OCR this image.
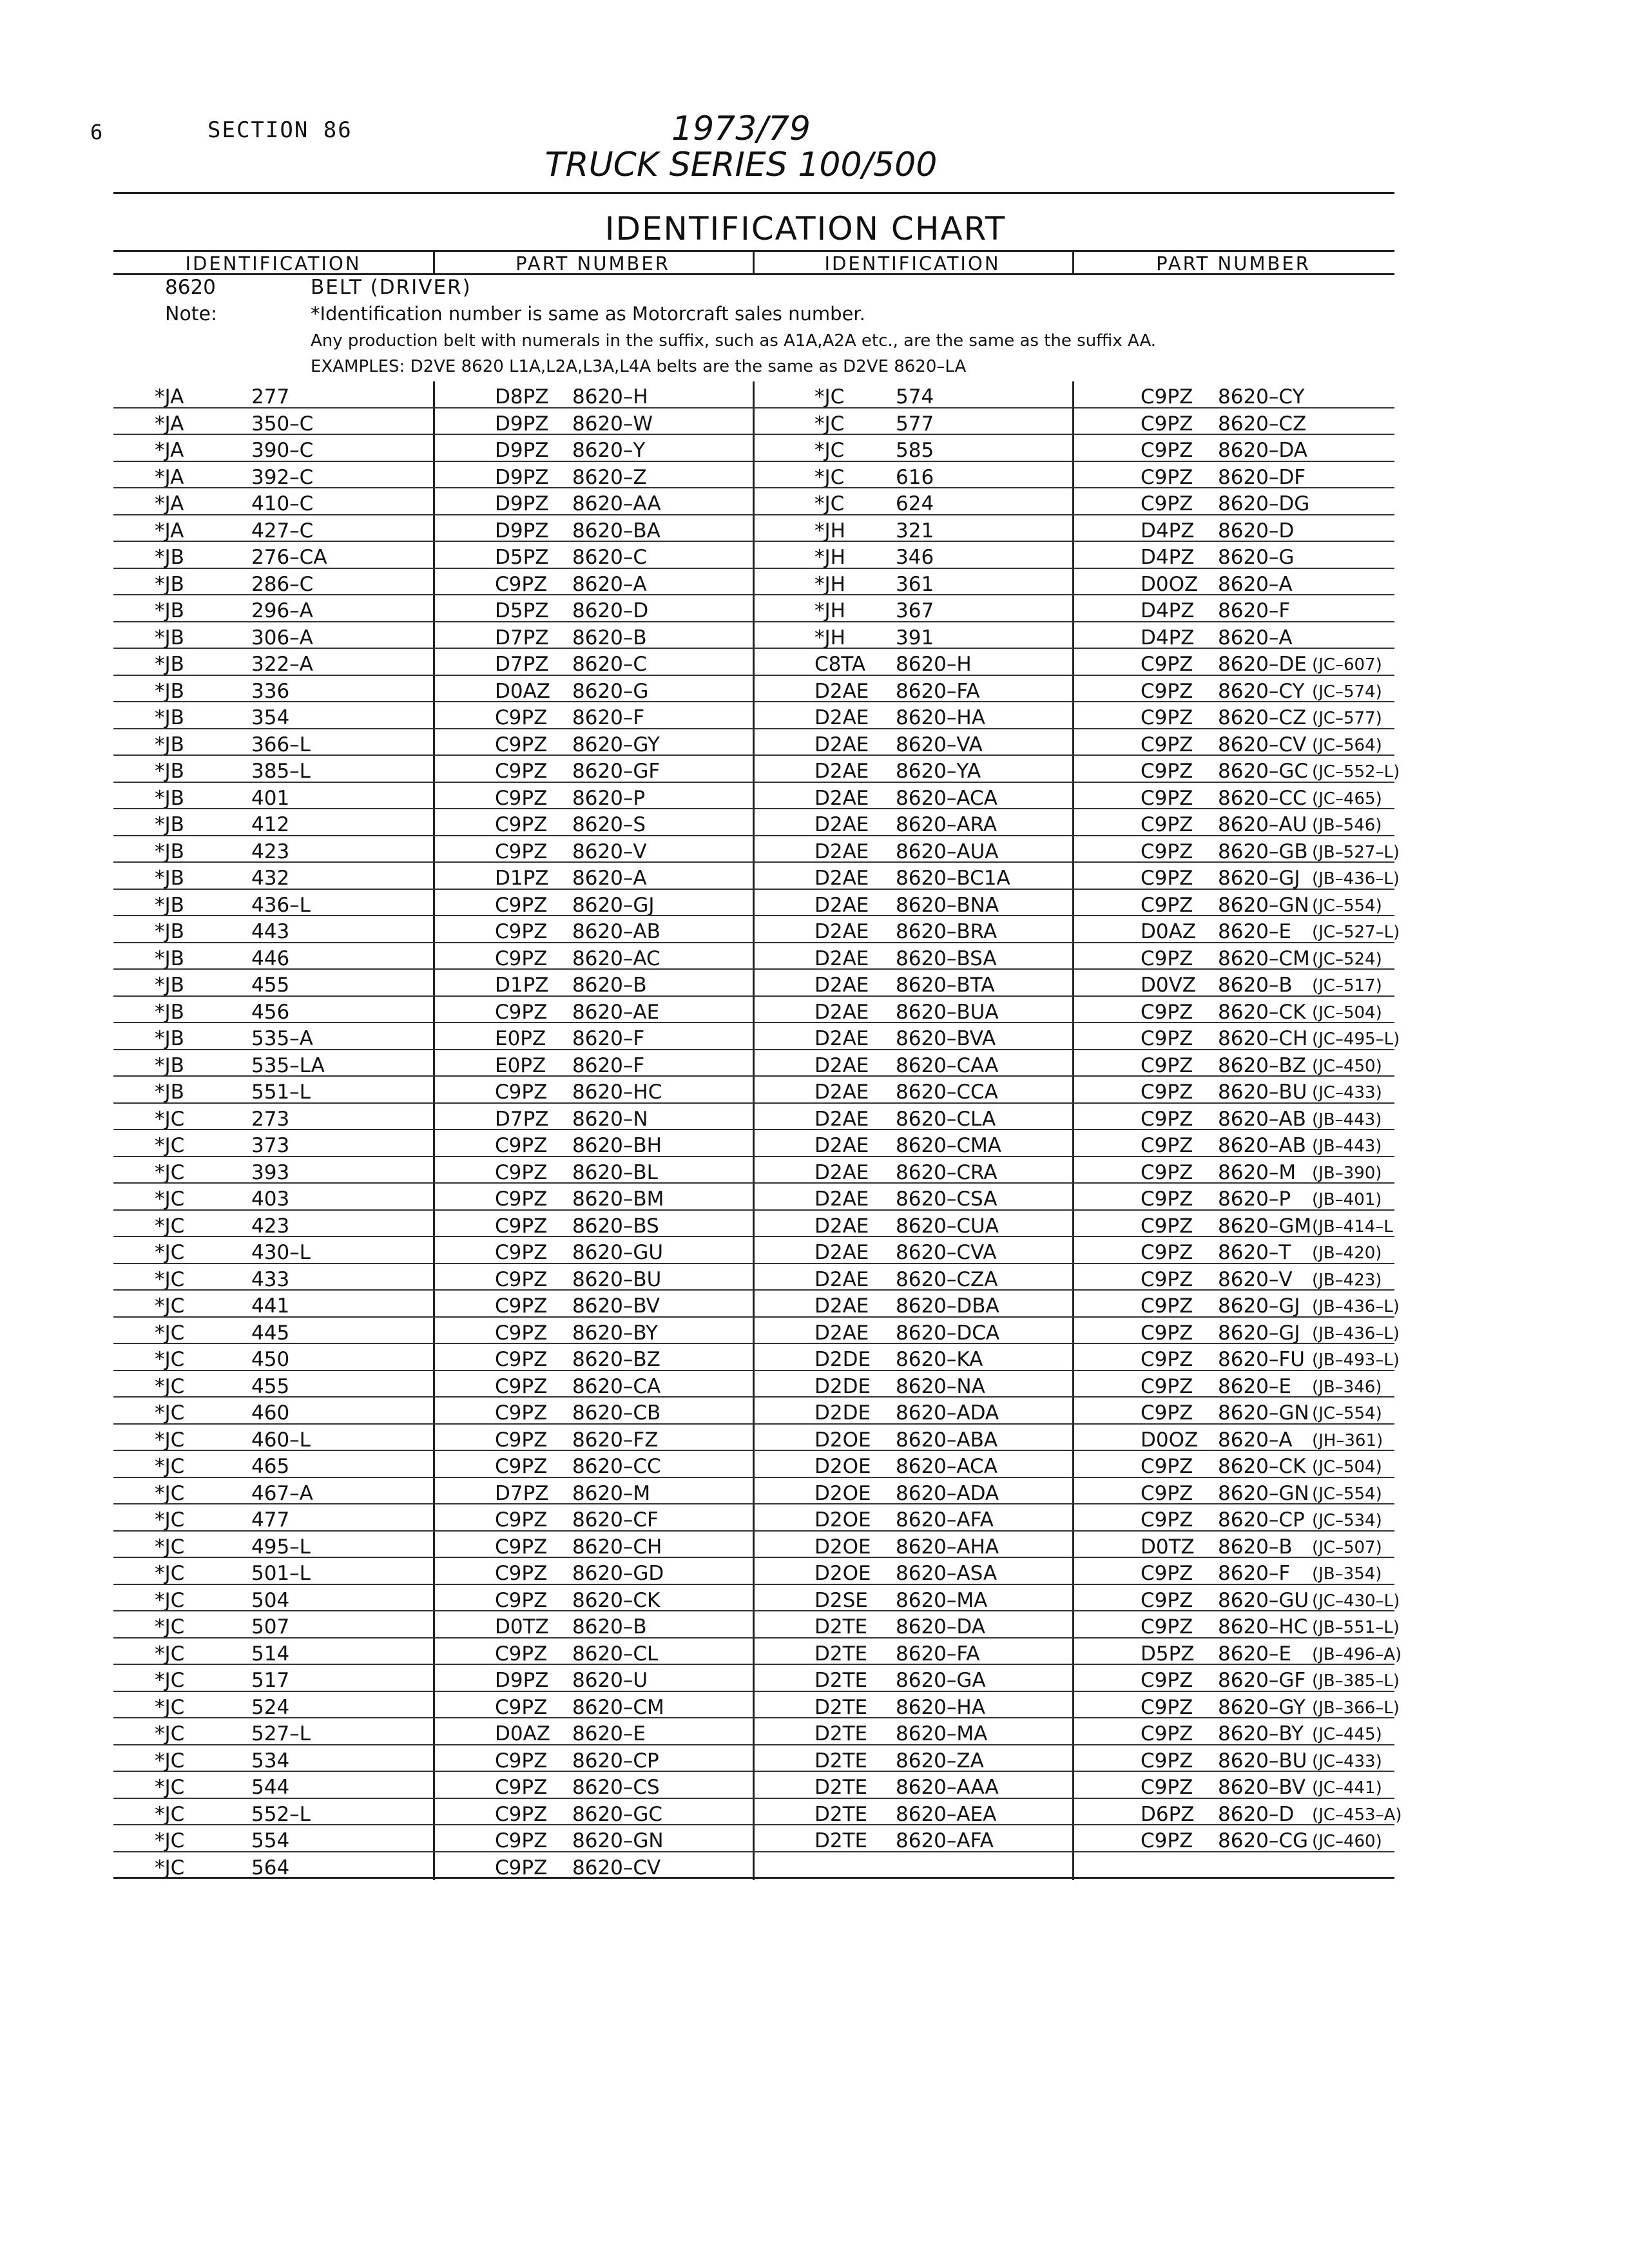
6	SECTION 86	1973/79
TRUCK SERIES 100/500
IDENTIFICATION CHART
IDENTIFICATION	PART NUMBER	IDENTIFICATION	PART NUMBER
8620	BELT (DRIVER)
Note:	*Identification number is same as Motorcraft sales number.
Any production belt with numerals in the suffix, such as A1A,A2A etc., are the same as the suffix AA.
EXAMPLES: D2VE 8620 L1A,L2A,L3A,L4A belts are the same as D2VE 8620–LA
*JA	277	D8PZ 8620–H	*JC	574	C9PZ 8620–CY
*JA	350–C	D9PZ 8620–W	*JC	577	C9PZ 8620–CZ
*JA	390–C	D9PZ 8620–Y	*JC	585	C9PZ 8620–DA
*JA	392–C	D9PZ 8620–Z	*JC	616	C9PZ 8620–DF
*JA	410–C	D9PZ 8620–AA	*JC	624	C9PZ 8620–DG
*JA	427–C	D9PZ 8620–BA	*JH	321	D4PZ 8620–D
*JB	276–CA	D5PZ 8620–C	*JH	346	D4PZ 8620–G
*JB	286–C	C9PZ 8620–A	*JH	361	D0OZ 8620–A
*JB	296–A	D5PZ 8620–D	*JH	367	D4PZ 8620–F
*JB	306–A	D7PZ 8620–B	*JH	391	D4PZ 8620–A
*JB	322–A	D7PZ 8620–C	C8TA 8620–H	C9PZ 8620–DE (JC–607)
*JB	336	D0AZ 8620–G	D2AE 8620–FA	C9PZ 8620–CY (JC–574)
*JB	354	C9PZ 8620–F	D2AE 8620–HA	C9PZ 8620–CZ (JC–577)
*JB	366–L	C9PZ 8620–GY	D2AE 8620–VA	C9PZ 8620–CV (JC–564)
*JB	385–L	C9PZ 8620–GF	D2AE 8620–YA	C9PZ 8620–GC (JC–552–L)
*JB	401	C9PZ 8620–P	D2AE 8620–ACA	C9PZ 8620–CC (JC–465)
*JB	412	C9PZ 8620–S	D2AE 8620–ARA	C9PZ 8620–AU (JB–546)
*JB	423	C9PZ 8620–V	D2AE 8620–AUA	C9PZ 8620–GB (JB–527–L)
*JB	432	D1PZ 8620–A	D2AE 8620–BC1A	C9PZ 8620–GJ (JB–436–L)
*JB	436–L	C9PZ 8620–GJ	D2AE 8620–BNA	C9PZ 8620–GN (JC–554)
*JB	443	C9PZ 8620–AB	D2AE 8620–BRA	D0AZ 8620–E (JC–527–L)
*JB	446	C9PZ 8620–AC	D2AE 8620–BSA	C9PZ 8620–CM (JC–524)
*JB	455	D1PZ 8620–B	D2AE 8620–BTA	D0VZ 8620–B (JC–517)
*JB	456	C9PZ 8620–AE	D2AE 8620–BUA	C9PZ 8620–CK (JC–504)
*JB	535–A	E0PZ 8620–F	D2AE 8620–BVA	C9PZ 8620–CH (JC–495–L)
*JB	535–LA	E0PZ 8620–F	D2AE 8620–CAA	C9PZ 8620–BZ (JC–450)
*JB	551–L	C9PZ 8620–HC	D2AE 8620–CCA	C9PZ 8620–BU (JC–433)
*JC	273	D7PZ 8620–N	D2AE 8620–CLA	C9PZ 8620–AB (JB–443)
*JC	373	C9PZ 8620–BH	D2AE 8620–CMA	C9PZ 8620–AB (JB–443)
*JC	393	C9PZ 8620–BL	D2AE 8620–CRA	C9PZ 8620–M (JB–390)
*JC	403	C9PZ 8620–BM	D2AE 8620–CSA	C9PZ 8620–P (JB–401)
*JC	423	C9PZ 8620–BS	D2AE 8620–CUA	C9PZ 8620–GM (JB–414–L
*JC	430–L	C9PZ 8620–GU	D2AE 8620–CVA	C9PZ 8620–T (JB–420)
*JC	433	C9PZ 8620–BU	D2AE 8620–CZA	C9PZ 8620–V (JB–423)
*JC	441	C9PZ 8620–BV	D2AE 8620–DBA	C9PZ 8620–GJ (JB–436–L)
*JC	445	C9PZ 8620–BY	D2AE 8620–DCA	C9PZ 8620–GJ (JB–436–L)
*JC	450	C9PZ 8620–BZ	D2DE 8620–KA	C9PZ 8620–FU (JB–493–L)
*JC	455	C9PZ 8620–CA	D2DE 8620–NA	C9PZ 8620–E (JB–346)
*JC	460	C9PZ 8620–CB	D2DE 8620–ADA	C9PZ 8620–GN (JC–554)
*JC	460–L	C9PZ 8620–FZ	D2OE 8620–ABA	D0OZ 8620–A (JH–361)
*JC	465	C9PZ 8620–CC	D2OE 8620–ACA	C9PZ 8620–CK (JC–504)
*JC	467–A	D7PZ 8620–M	D2OE 8620–ADA	C9PZ 8620–GN (JC–554)
*JC	477	C9PZ 8620–CF	D2OE 8620–AFA	C9PZ 8620–CP (JC–534)
*JC	495–L	C9PZ 8620–CH	D2OE 8620–AHA	D0TZ 8620–B (JC–507)
*JC	501–L	C9PZ 8620–GD	D2OE 8620–ASA	C9PZ 8620–F (JB–354)
*JC	504	C9PZ 8620–CK	D2SE 8620–MA	C9PZ 8620–GU (JC–430–L)
*JC	507	D0TZ 8620–B	D2TE 8620–DA	C9PZ 8620–HC (JB–551–L)
*JC	514	C9PZ 8620–CL	D2TE 8620–FA	D5PZ 8620–E (JB–496–A)
*JC	517	D9PZ 8620–U	D2TE 8620–GA	C9PZ 8620–GF (JB–385–L)
*JC	524	C9PZ 8620–CM	D2TE 8620–HA	C9PZ 8620–GY (JB–366–L)
*JC	527–L	D0AZ 8620–E	D2TE 8620–MA	C9PZ 8620–BY (JC–445)
*JC	534	C9PZ 8620–CP	D2TE 8620–ZA	C9PZ 8620–BU (JC–433)
*JC	544	C9PZ 8620–CS	D2TE 8620–AAA	C9PZ 8620–BV (JC–441)
*JC	552–L	C9PZ 8620–GC	D2TE 8620–AEA	D6PZ 8620–D (JC–453–A)
*JC	554	C9PZ 8620–GN	D2TE 8620–AFA	C9PZ 8620–CG (JC–460)
*JC	564	C9PZ 8620–CV
